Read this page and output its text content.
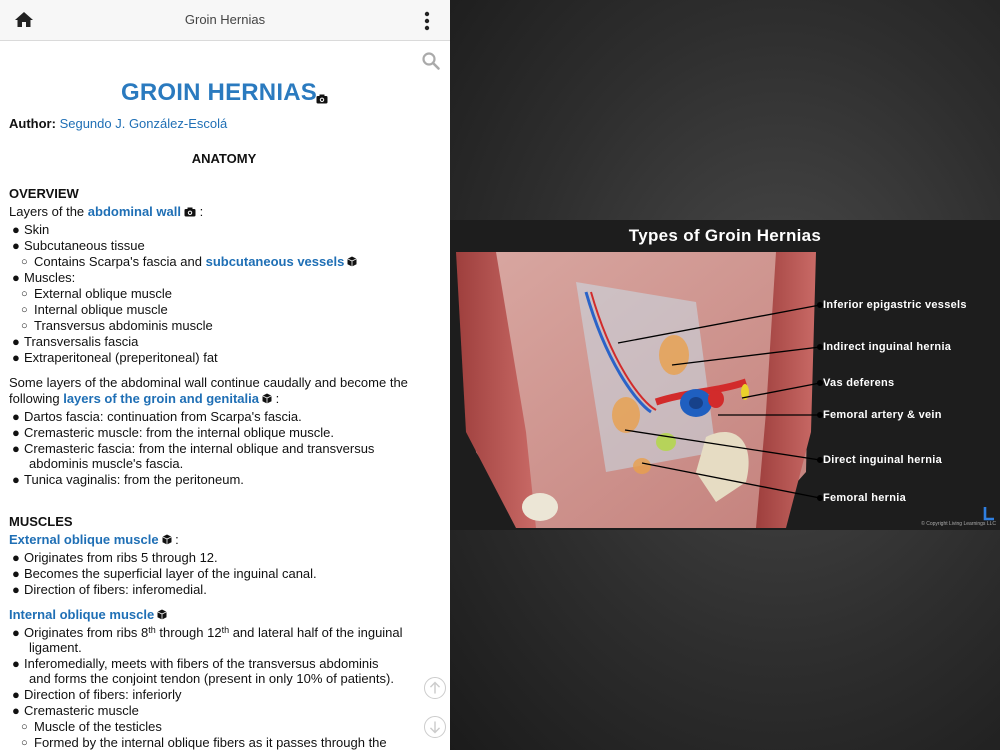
Groin Hernias
GROIN HERNIAS
Author: Segundo J. González-Escolá
ANATOMY
OVERVIEW
Layers of the abdominal wall :
● Skin
● Subcutaneous tissue
○ Contains Scarpa's fascia and subcutaneous vessels
● Muscles:
○ External oblique muscle
○ Internal oblique muscle
○ Transversus abdominis muscle
● Transversalis fascia
● Extraperitoneal (preperitoneal) fat
Some layers of the abdominal wall continue caudally and become the
following layers of the groin and genitalia :
● Dartos fascia: continuation from Scarpa's fascia.
● Cremasteric muscle: from the internal oblique muscle.
● Cremasteric fascia: from the internal oblique and transversus
abdominis muscle's fascia.
● Tunica vaginalis: from the peritoneum.
MUSCLES
External oblique muscle :
● Originates from ribs 5 through 12.
● Becomes the superficial layer of the inguinal canal.
● Direction of fibers: inferomedial.
Internal oblique muscle
● Originates from ribs 8th through 12th and lateral half of the inguinal
ligament.
● Inferomedially, meets with fibers of the transversus abdominis
and forms the conjoint tendon (present in only 10% of patients).
● Direction of fibers: inferiorly
● Cremasteric muscle
○ Muscle of the testicles
○ Formed by the internal oblique fibers as it passes through the
Types of Groin Hernias
Inferior epigastric vessels
Indirect inguinal hernia
Vas deferens
Femoral artery & vein
Direct inguinal hernia
Femoral hernia
© Copyright Living Learnings LLC
